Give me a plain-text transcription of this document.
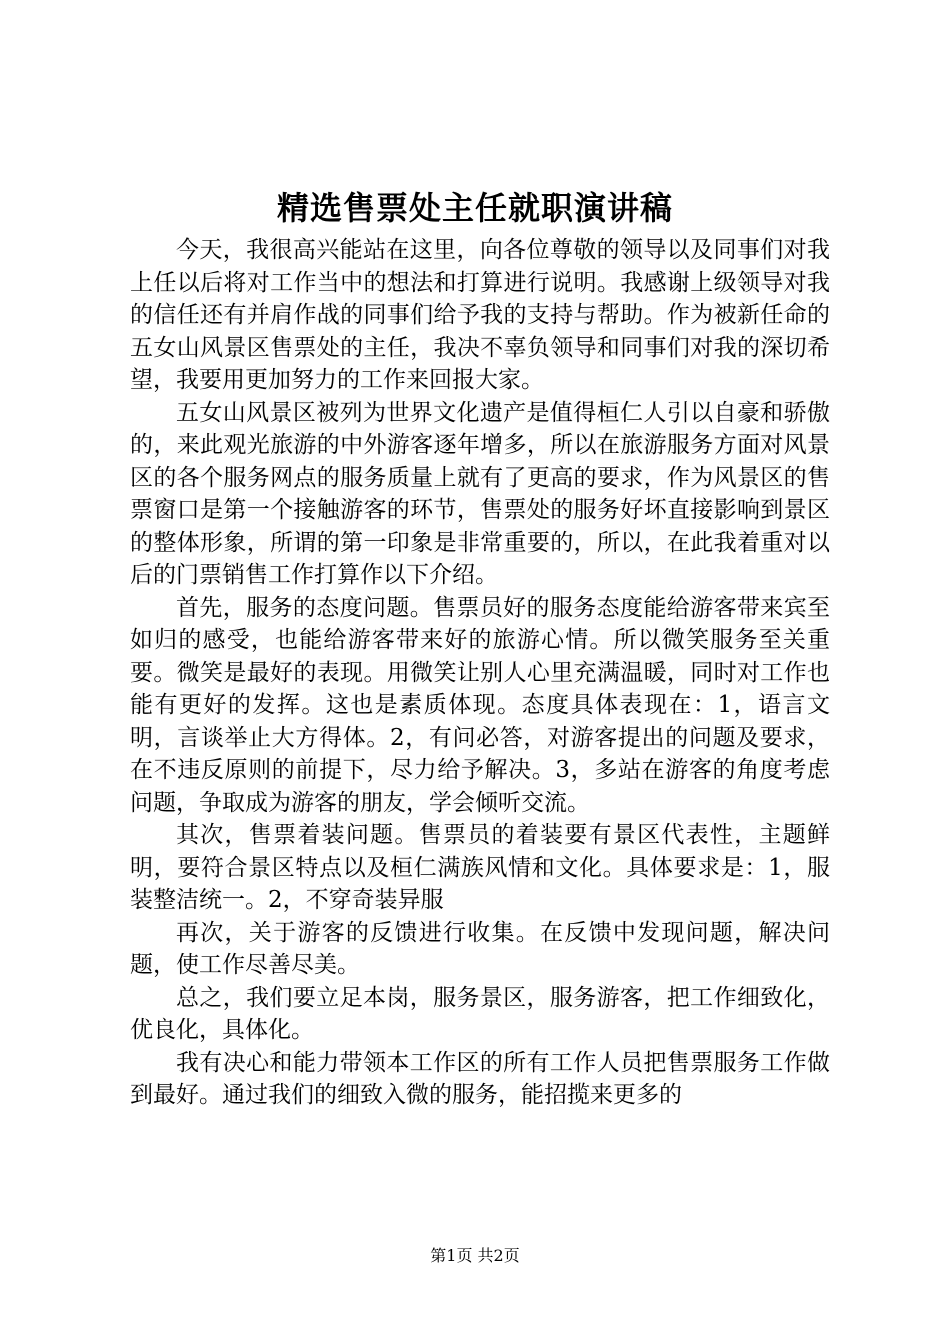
精选售票处主任就职演讲稿

今天，我很高兴能站在这里，向各位尊敬的领导以及同事们对我上任以后将对工作当中的想法和打算进行说明。我感谢上级领导对我的信任还有并肩作战的同事们给予我的支持与帮助。作为被新任命的五女山风景区售票处的主任，我决不辜负领导和同事们对我的深切希望，我要用更加努力的工作来回报大家。

五女山风景区被列为世界文化遗产是值得桓仁人引以自豪和骄傲的，来此观光旅游的中外游客逐年增多，所以在旅游服务方面对风景区的各个服务网点的服务质量上就有了更高的要求，作为风景区的售票窗口是第一个接触游客的环节，售票处的服务好坏直接影响到景区的整体形象，所谓的第一印象是非常重要的，所以，在此我着重对以后的门票销售工作打算作以下介绍。

首先，服务的态度问题。售票员好的服务态度能给游客带来宾至如归的感受，也能给游客带来好的旅游心情。所以微笑服务至关重要。微笑是最好的表现。用微笑让别人心里充满温暖，同时对工作也能有更好的发挥。这也是素质体现。态度具体表现在：1，语言文明，言谈举止大方得体。2，有问必答，对游客提出的问题及要求，在不违反原则的前提下，尽力给予解决。3，多站在游客的角度考虑问题，争取成为游客的朋友，学会倾听交流。

其次，售票着装问题。售票员的着装要有景区代表性，主题鲜明，要符合景区特点以及桓仁满族风情和文化。具体要求是：1，服装整洁统一。2，不穿奇装异服

再次，关于游客的反馈进行收集。在反馈中发现问题，解决问题，使工作尽善尽美。

总之，我们要立足本岗，服务景区，服务游客，把工作细致化，优良化，具体化。

我有决心和能力带领本工作区的所有工作人员把售票服务工作做到最好。通过我们的细致入微的服务，能招揽来更多的

第1页 共2页
